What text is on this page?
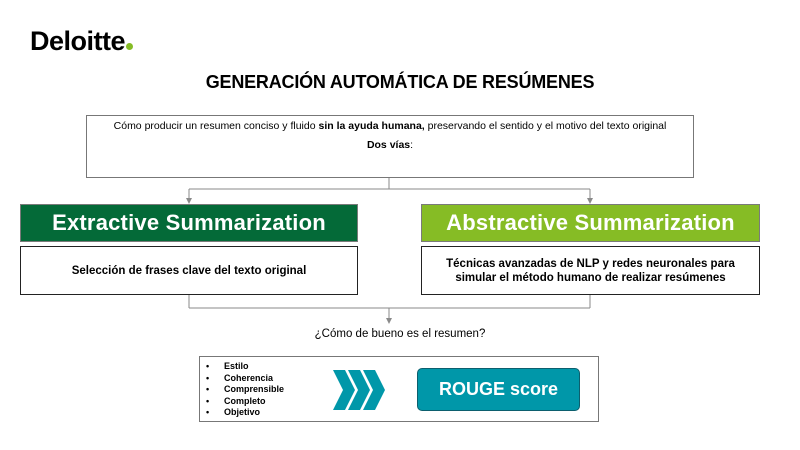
Deloitte
GENERACIÓN AUTOMÁTICA DE RESÚMENES
Cómo producir un resumen conciso y fluido sin la ayuda humana, preservando el sentido y el motivo del texto original
Dos vías:
Extractive Summarization	Abstractive Summarization
Selección de frases clave del texto original
Técnicas avanzadas de NLP y redes neuronales para simular el método humano de realizar resúmenes
¿Cómo de bueno es el resumen?
• Estilo
• Coherencia
• Comprensible
• Completo
• Objetivo
ROUGE score
